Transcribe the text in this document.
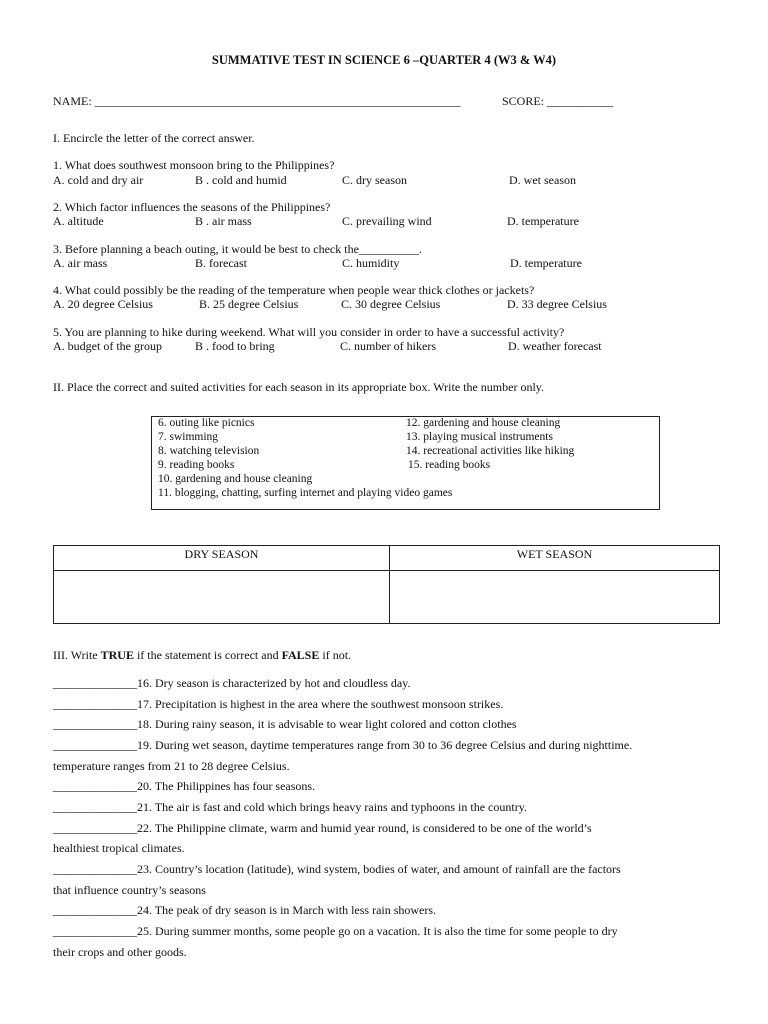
SUMMATIVE TEST IN SCIENCE 6 –QUARTER 4 (W3 & W4)
NAME: _____________________________________________________________	SCORE: ___________
I. Encircle the letter of the correct answer.
1. What does southwest monsoon bring to the Philippines?
A. cold and dry air	B . cold and humid	C. dry season	D. wet season
2. Which factor influences the seasons of the Philippines?
A. altitude	B . air mass	C. prevailing wind	D. temperature
3. Before planning a beach outing, it would be best to check the__________.
A. air mass	B. forecast	C. humidity	D. temperature
4. What could possibly be the reading of the temperature when people wear thick clothes or jackets?
A. 20 degree Celsius	B. 25 degree Celsius	C. 30 degree Celsius	D. 33 degree Celsius
5. You are planning to hike during weekend. What will you consider in order to have a successful activity?
A. budget of the group	B . food to bring	C. number of hikers	D. weather forecast
II. Place the correct and suited activities for each season in its appropriate box. Write the number only.
6. outing like picnics
7. swimming
8. watching television
9. reading books
10. gardening and house cleaning
11. blogging, chatting, surfing internet and playing video games
12. gardening and house cleaning
13. playing musical instruments
14. recreational activities like hiking
15. reading books
DRY SEASON	WET SEASON

III. Write TRUE if the statement is correct and FALSE if not.
______________16. Dry season is characterized by hot and cloudless day.
______________17. Precipitation is highest in the area where the southwest monsoon strikes.
______________18. During rainy season, it is advisable to wear light colored and cotton clothes
______________19. During wet season, daytime temperatures range from 30 to 36 degree Celsius and during nighttime.
temperature ranges from 21 to 28 degree Celsius.
______________20. The Philippines has four seasons.
______________21. The air is fast and cold which brings heavy rains and typhoons in the country.
______________22. The Philippine climate, warm and humid year round, is considered to be one of the world’s
healthiest tropical climates.
______________23. Country’s location (latitude), wind system, bodies of water, and amount of rainfall are the factors
that influence country’s seasons
______________24. The peak of dry season is in March with less rain showers.
______________25. During summer months, some people go on a vacation. It is also the time for some people to dry
their crops and other goods.
